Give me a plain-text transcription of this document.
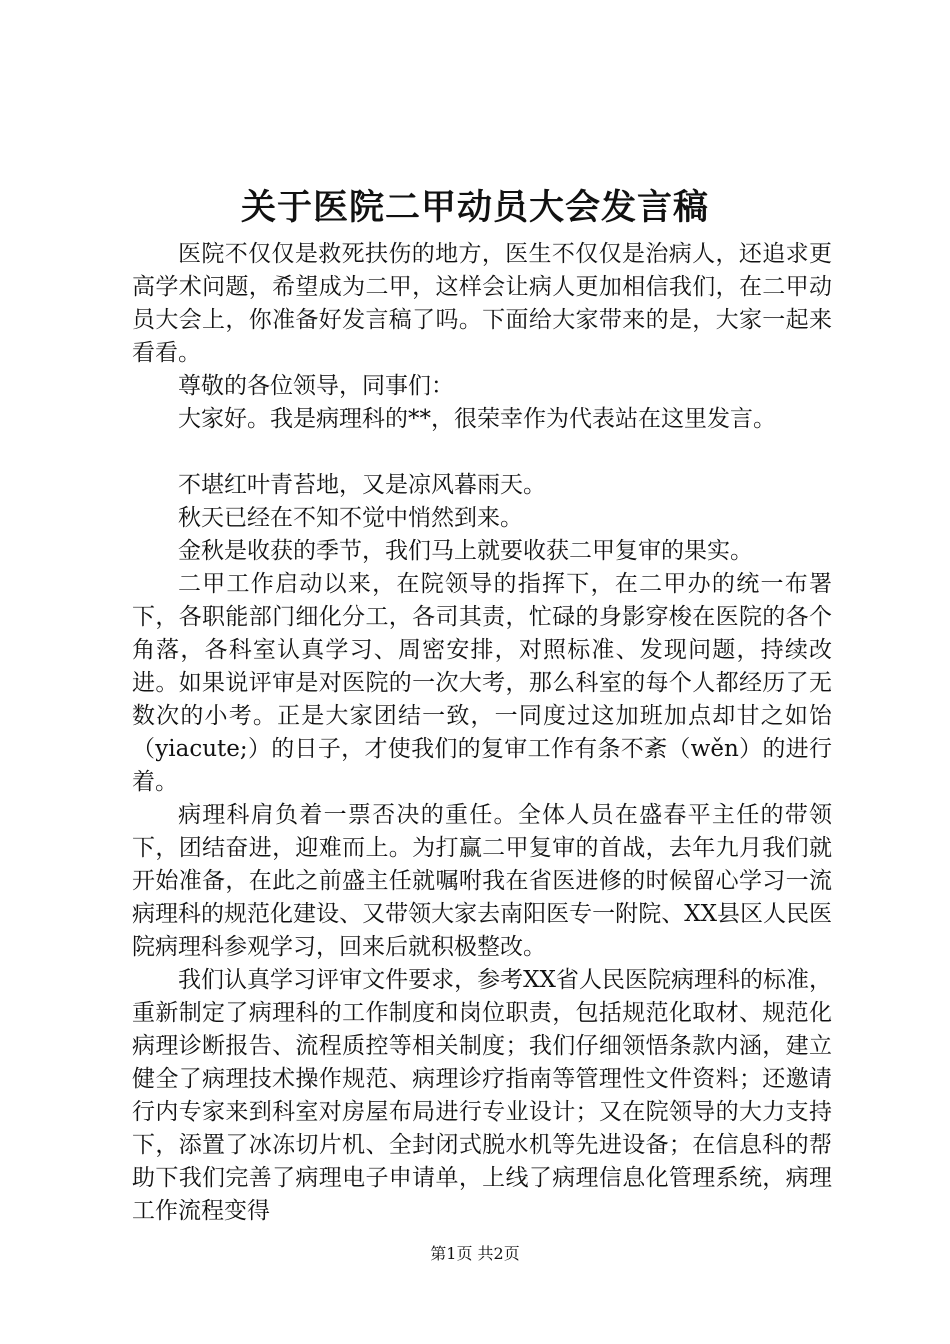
关于医院二甲动员大会发言稿

医院不仅仅是救死扶伤的地方，医生不仅仅是治病人，还追求更高学术问题，希望成为二甲，这样会让病人更加相信我们，在二甲动员大会上，你准备好发言稿了吗。下面给大家带来的是，大家一起来看看。

尊敬的各位领导，同事们：

大家好。我是病理科的**，很荣幸作为代表站在这里发言。

不堪红叶青苔地，又是凉风暮雨天。

秋天已经在不知不觉中悄然到来。

金秋是收获的季节，我们马上就要收获二甲复审的果实。

二甲工作启动以来，在院领导的指挥下，在二甲办的统一布署下，各职能部门细化分工，各司其责，忙碌的身影穿梭在医院的各个角落，各科室认真学习、周密安排，对照标准、发现问题，持续改进。如果说评审是对医院的一次大考，那么科室的每个人都经历了无数次的小考。正是大家团结一致，一同度过这加班加点却甘之如饴（yiacute;）的日子，才使我们的复审工作有条不紊（wěn）的进行着。

病理科肩负着一票否决的重任。全体人员在盛春平主任的带领下，团结奋进，迎难而上。为打赢二甲复审的首战，去年九月我们就开始准备，在此之前盛主任就嘱咐我在省医进修的时候留心学习一流病理科的规范化建设、又带领大家去南阳医专一附院、XX县区人民医院病理科参观学习，回来后就积极整改。

我们认真学习评审文件要求，参考XX省人民医院病理科的标准，重新制定了病理科的工作制度和岗位职责，包括规范化取材、规范化病理诊断报告、流程质控等相关制度；我们仔细领悟条款内涵，建立健全了病理技术操作规范、病理诊疗指南等管理性文件资料；还邀请行内专家来到科室对房屋布局进行专业设计；又在院领导的大力支持下，添置了冰冻切片机、全封闭式脱水机等先进设备；在信息科的帮助下我们完善了病理电子申请单，上线了病理信息化管理系统，病理工作流程变得

第1页 共2页
